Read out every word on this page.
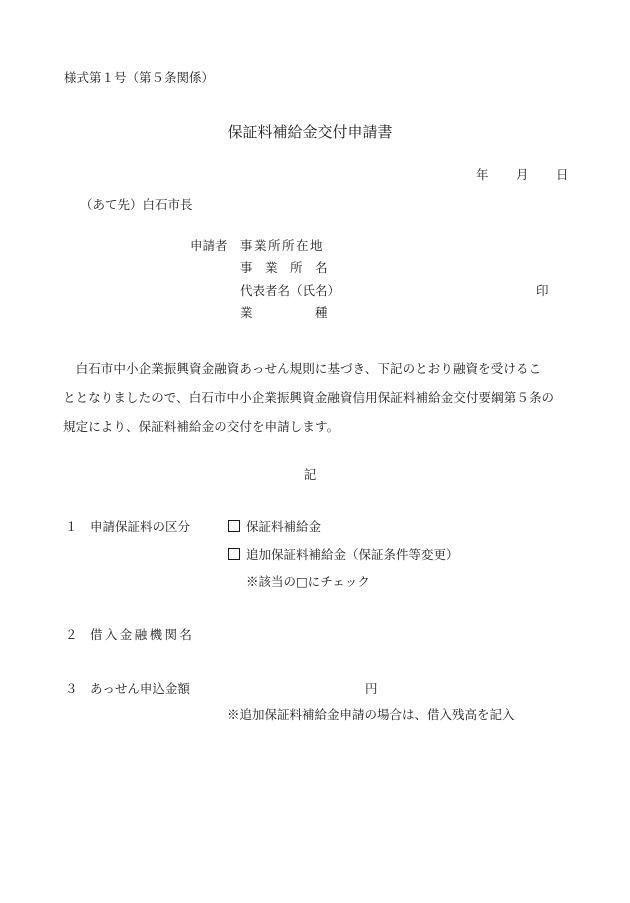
様式第１号（第５条関係）
保証料補給金交付申請書
年 月 日
（あて先）白石市長
申請者 事業所所在地
事　業　所　名
代表者名（氏名）	印
業　　　　　種

　白石市中小企業振興資金融資あっせん規則に基づき、下記のとおり融資を受けるこ

ととなりましたので、白石市中小企業振興資金融資信用保証料補給金交付要綱第５条の

規定により、保証料補給金の交付を申請します。

記
１ 申請保証料の区分	保証料補給金
追加保証料補給金（保証条件等変更）
※該当の□にチェック
２ 借入金融機関名
３ あっせん申込金額	円
※追加保証料補給金申請の場合は、借入残高を記入
